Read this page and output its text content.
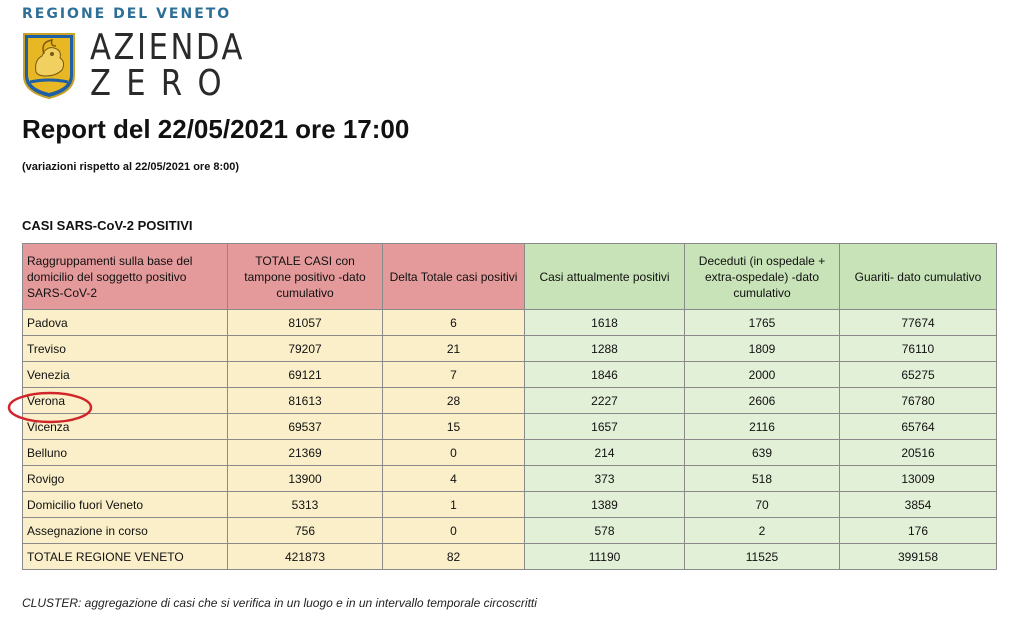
REGIONE DEL VENETO
AZIENDA
ZERO
Report del 22/05/2021 ore 17:00
(variazioni rispetto al 22/05/2021 ore 8:00)
CASI SARS-CoV-2 POSITIVI
Raggruppamenti sulla base del domicilio del soggetto positivo SARS-CoV-2	TOTALE CASI con tampone positivo -dato cumulativo	Delta Totale casi positivi	Casi attualmente positivi	Deceduti (in ospedale + extra-ospedale) -dato cumulativo	Guariti- dato cumulativo
Padova	81057	6	1618	1765	77674
Treviso	79207	21	1288	1809	76110
Venezia	69121	7	1846	2000	65275
Verona	81613	28	2227	2606	76780
Vicenza	69537	15	1657	2116	65764
Belluno	21369	0	214	639	20516
Rovigo	13900	4	373	518	13009
Domicilio fuori Veneto	5313	1	1389	70	3854
Assegnazione in corso	756	0	578	2	176
TOTALE REGIONE VENETO	421873	82	11190	11525	399158
CLUSTER: aggregazione di casi che si verifica in un luogo e in un intervallo temporale circoscritti
